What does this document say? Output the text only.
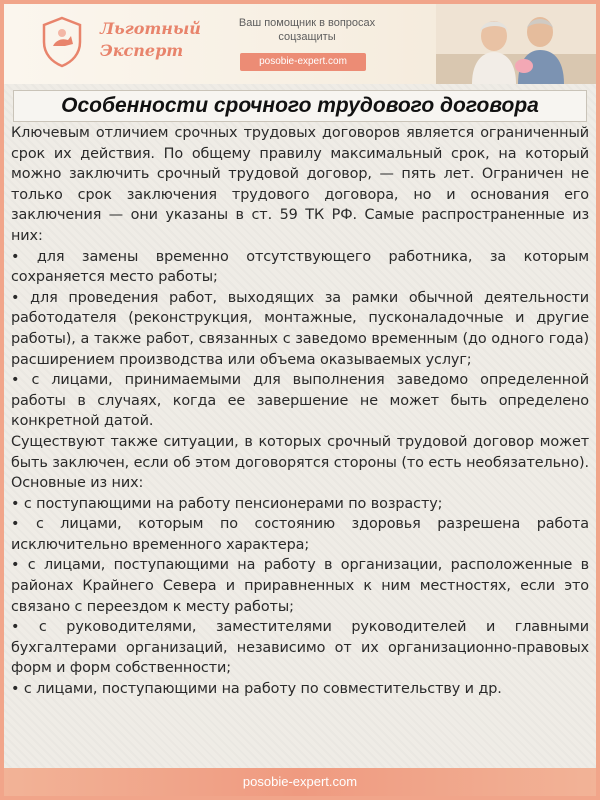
Льготный
Эксперт
Ваш помощник в вопросах
соцзащиты
posobie-expert.com
Особенности срочного трудового договора

Ключевым отличием срочных трудовых договоров является ограниченный срок их действия. По общему правилу максимальный срок, на который можно заключить срочный трудовой договор, — пять лет. Ограничен не только срок заключения трудового договора, но и основания его заключения — они указаны в ст. 59 ТК РФ. Самые распространенные из них:

• для замены временно отсутствующего работника, за которым сохраняется место работы;

• для проведения работ, выходящих за рамки обычной деятельности работодателя (реконструкция, монтажные, пусконаладочные и другие работы), а также работ, связанных с заведомо временным (до одного года) расширением производства или объема оказываемых услуг;

• с лицами, принимаемыми для выполнения заведомо определенной работы в случаях, когда ее завершение не может быть определено конкретной датой.

Существуют также ситуации, в которых срочный трудовой договор может быть заключен, если об этом договорятся стороны (то есть необязательно). Основные из них:

• с поступающими на работу пенсионерами по возрасту;

• с лицами, которым по состоянию здоровья разрешена работа исключительно временного характера;

• с лицами, поступающими на работу в организации, расположенные в районах Крайнего Севера и приравненных к ним местностях, если это связано с переездом к месту работы;

• с руководителями, заместителями руководителей и главными бухгалтерами организаций, независимо от их организационно-правовых форм и форм собственности;

• с лицами, поступающими на работу по совместительству и др.

posobie-expert.com
